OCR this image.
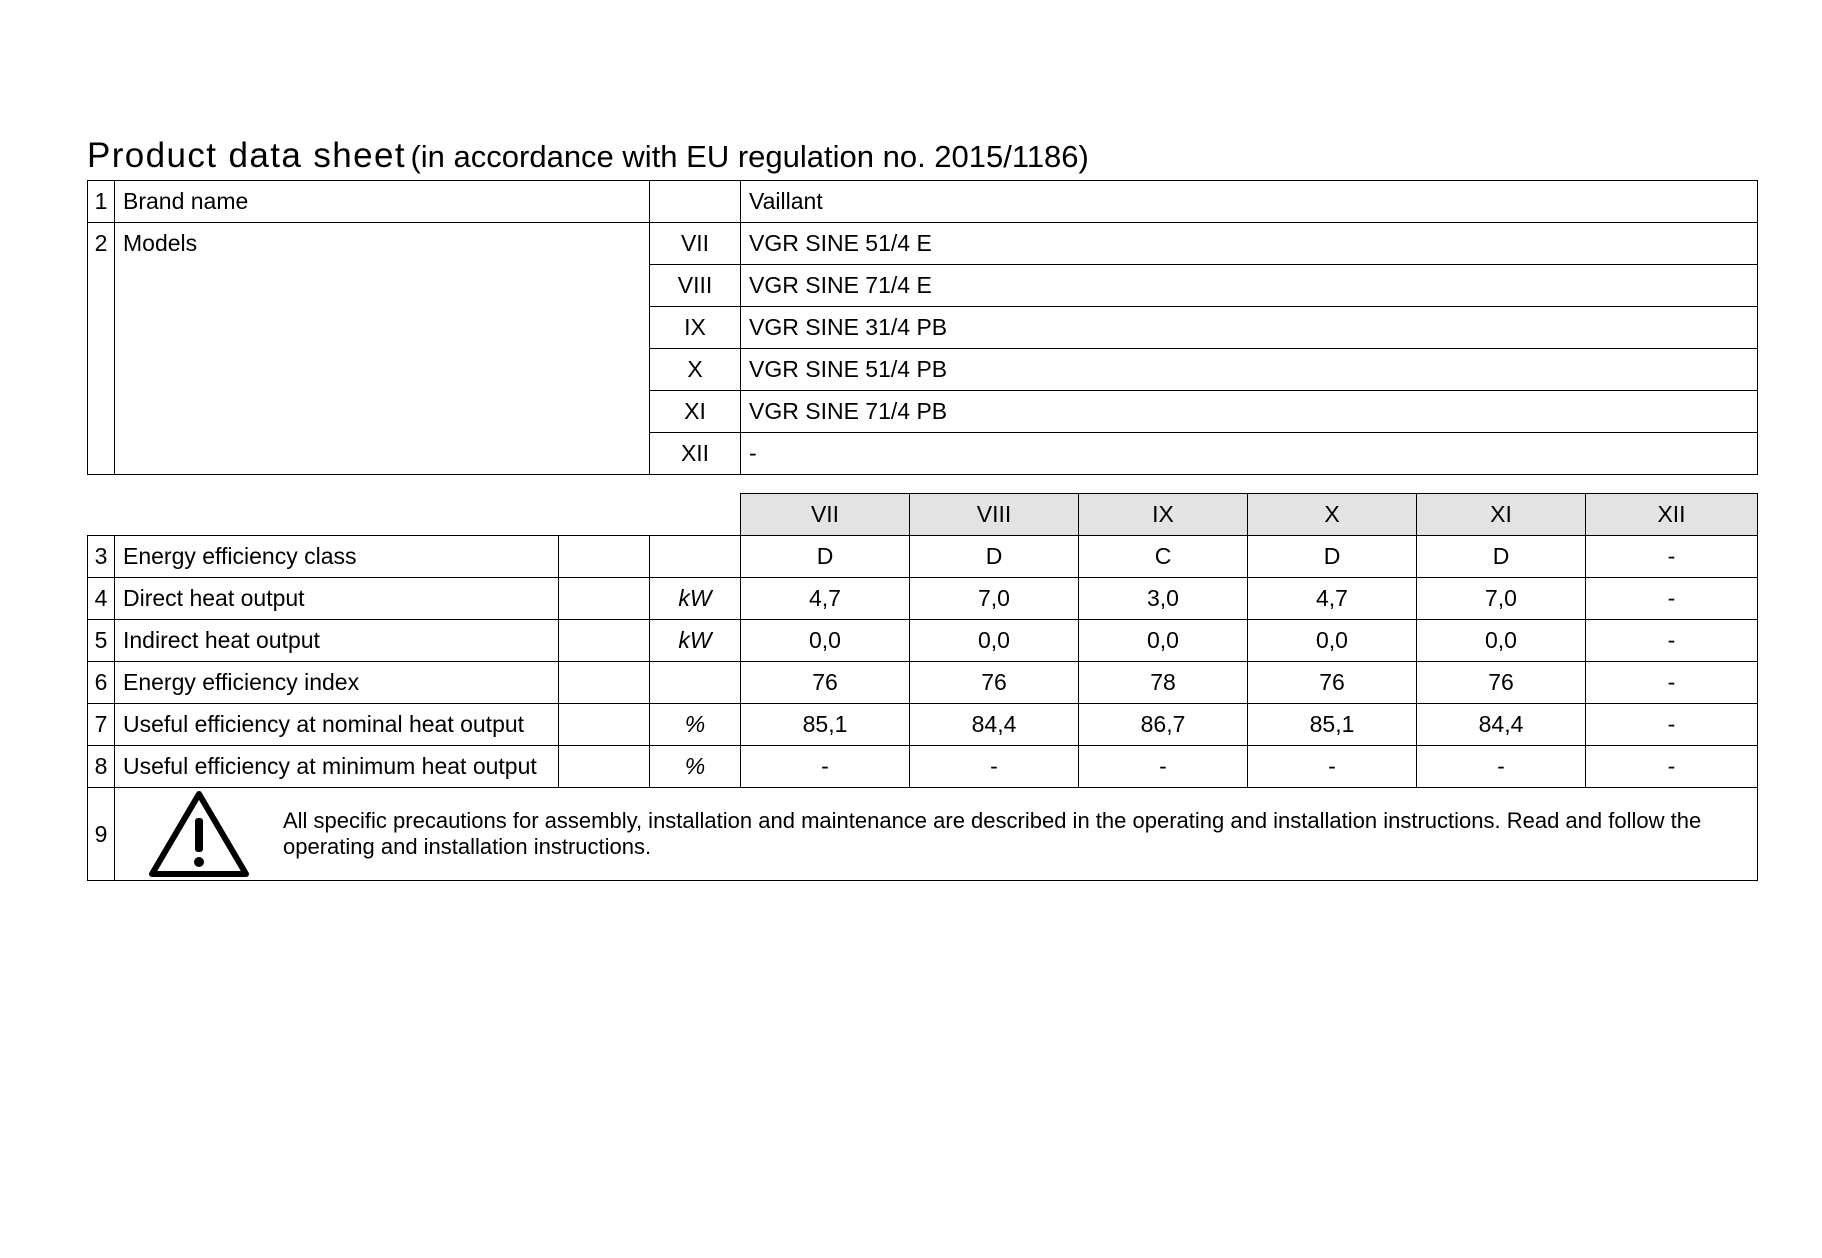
Product data sheet (in accordance with EU regulation no. 2015/1186)
1	Brand name		Vaillant
2	Models	VII	VGR SINE 51/4 E
		VIII	VGR SINE 71/4 E
		IX	VGR SINE 31/4 PB
		X	VGR SINE 51/4 PB
		XI	VGR SINE 71/4 PB
		XII	-
				VII	VIII	IX	X	XI	XII
3	Energy efficiency class			D	D	C	D	D	-
4	Direct heat output		kW	4,7	7,0	3,0	4,7	7,0	-
5	Indirect heat output		kW	0,0	0,0	0,0	0,0	0,0	-
6	Energy efficiency index			76	76	78	76	76	-
7	Useful efficiency at nominal heat output		%	85,1	84,4	86,7	85,1	84,4	-
8	Useful efficiency at minimum heat output		%	-	-	-	-	-	-
9	All specific precautions for assembly, installation and maintenance are described in the operating and installation instructions. Read and follow the operating and installation instructions.								
